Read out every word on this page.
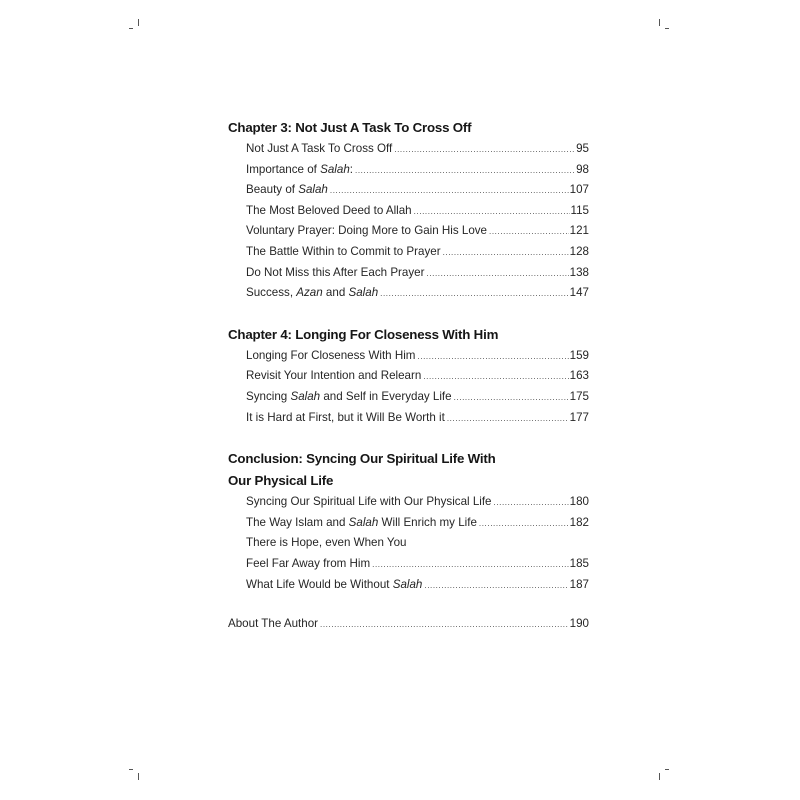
Chapter 3: Not Just A Task To Cross Off
Not Just A Task To Cross Off .....	95
Importance of Salah: .....	98
Beauty of Salah .....	107
The Most Beloved Deed to Allah .....	115
Voluntary Prayer: Doing More to Gain His Love .....	121
The Battle Within to Commit to Prayer .....	128
Do Not Miss this After Each Prayer .....	138
Success, Azan and Salah .....	147
Chapter 4: Longing For Closeness With Him
Longing For Closeness With Him .....	159
Revisit Your Intention and Relearn .....	163
Syncing Salah and Self in Everyday Life .....	175
It is Hard at First, but it Will Be Worth it .....	177
Conclusion: Syncing Our Spiritual Life With
Our Physical Life
Syncing Our Spiritual Life with Our Physical Life .....	180
The Way Islam and Salah Will Enrich my Life .....	182
There is Hope, even When You
Feel Far Away from Him .....	185
What Life Would be Without Salah .....	187
About The Author .....	190
